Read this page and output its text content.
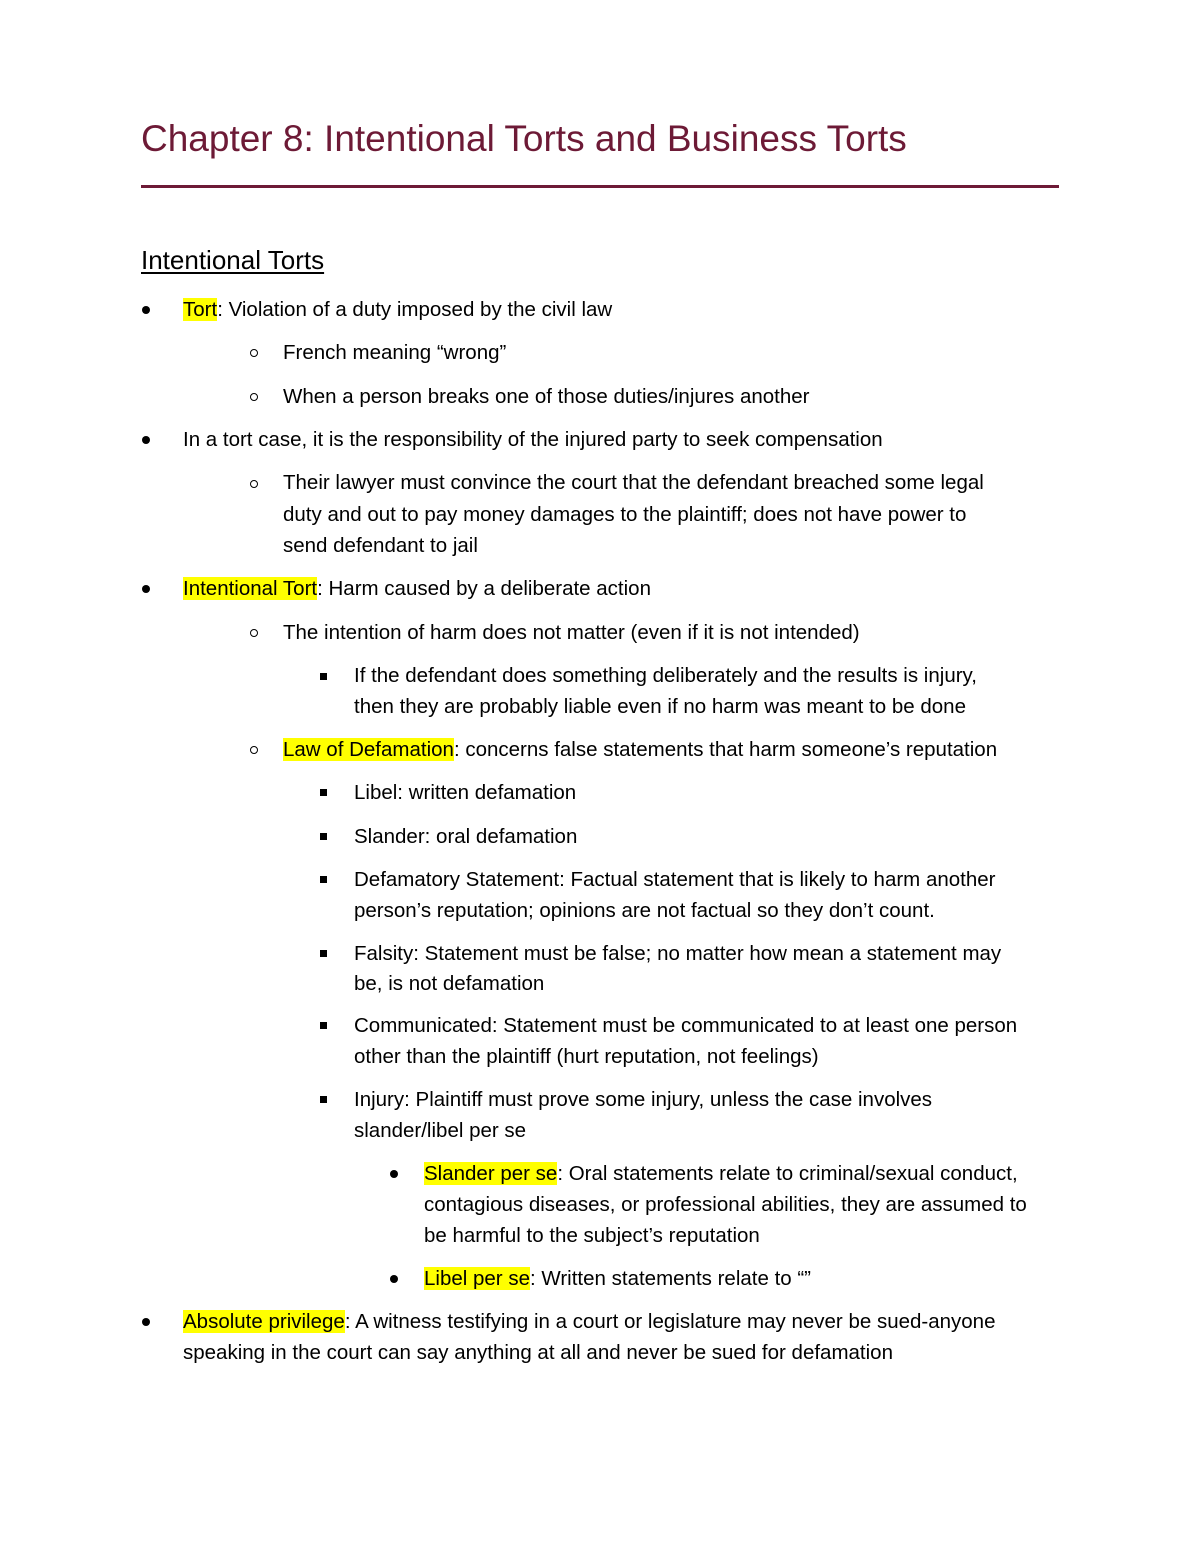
Chapter 8: Intentional Torts and Business Torts
Intentional Torts
Tort: Violation of a duty imposed by the civil law
French meaning “wrong”
When a person breaks one of those duties/injures another
In a tort case, it is the responsibility of the injured party to seek compensation
Their lawyer must convince the court that the defendant breached some legal
duty and out to pay money damages to the plaintiff; does not have power to
send defendant to jail
Intentional Tort: Harm caused by a deliberate action
The intention of harm does not matter (even if it is not intended)
If the defendant does something deliberately and the results is injury,
then they are probably liable even if no harm was meant to be done
Law of Defamation: concerns false statements that harm someone’s reputation
Libel: written defamation
Slander: oral defamation
Defamatory Statement: Factual statement that is likely to harm another
person’s reputation; opinions are not factual so they don’t count.
Falsity: Statement must be false; no matter how mean a statement may
be, is not defamation
Communicated: Statement must be communicated to at least one person
other than the plaintiff (hurt reputation, not feelings)
Injury: Plaintiff must prove some injury, unless the case involves
slander/libel per se
Slander per se: Oral statements relate to criminal/sexual conduct,
contagious diseases, or professional abilities, they are assumed to
be harmful to the subject’s reputation
Libel per se: Written statements relate to “”
Absolute privilege: A witness testifying in a court or legislature may never be sued-anyone
speaking in the court can say anything at all and never be sued for defamation
